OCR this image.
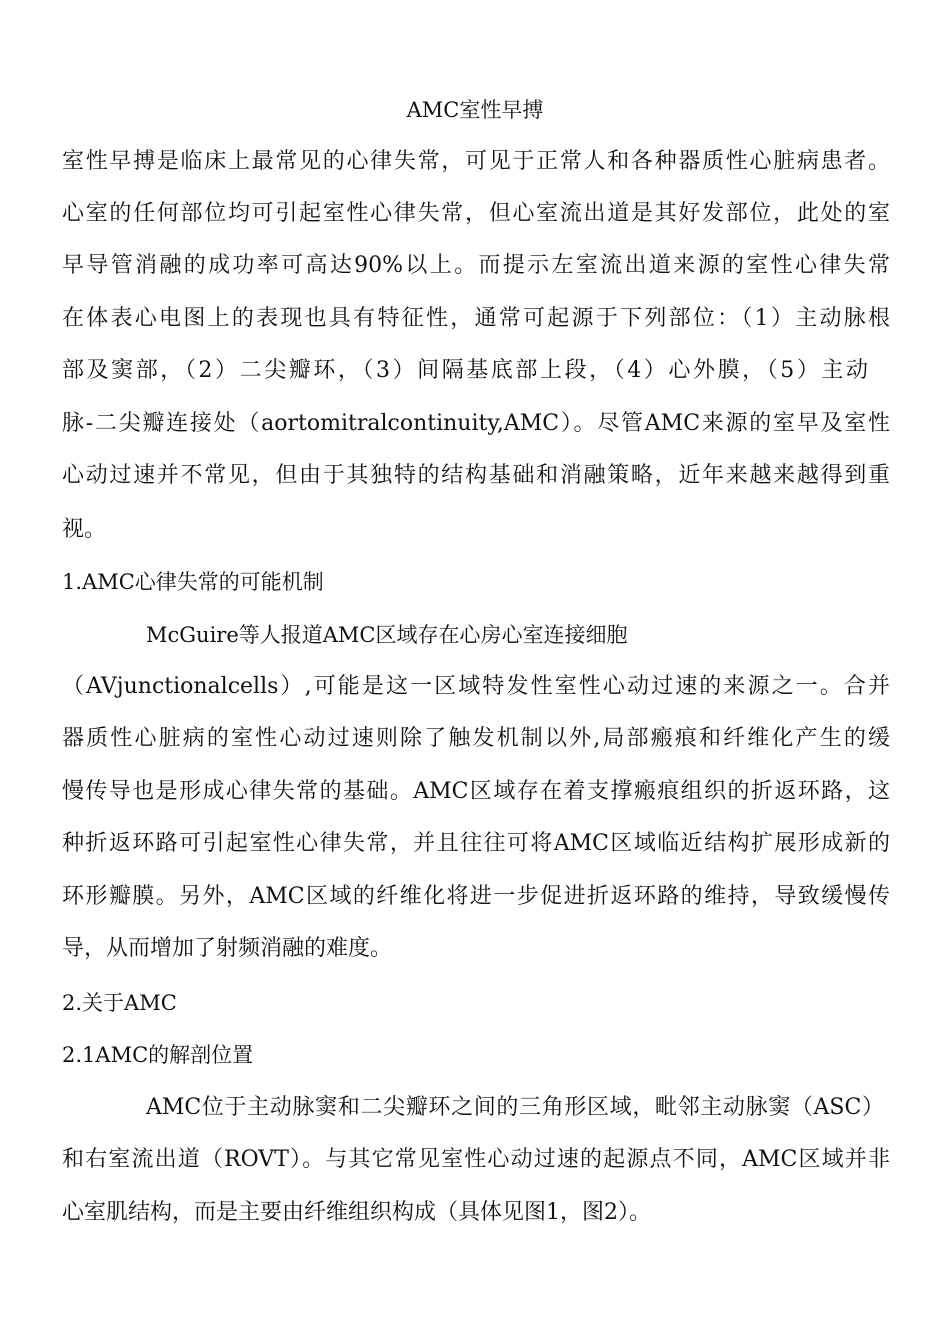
AMC室性早搏
室性早搏是临床上最常见的心律失常，可见于正常人和各种器质性心脏病患者。
心室的任何部位均可引起室性心律失常，但心室流出道是其好发部位，此处的室
早导管消融的成功率可高达90%以上。而提示左室流出道来源的室性心律失常
在体表心电图上的表现也具有特征性，通常可起源于下列部位：（1）主动脉根
部及窦部，（2）二尖瓣环，（3）间隔基底部上段，（4）心外膜，（5）主动
脉-二尖瓣连接处（aortomitralcontinuity,AMC）。尽管AMC来源的室早及室性
心动过速并不常见，但由于其独特的结构基础和消融策略，近年来越来越得到重
视。
1.AMC心律失常的可能机制
McGuire等人报道AMC区域存在心房心室连接细胞
（AVjunctionalcells）,可能是这一区域特发性室性心动过速的来源之一。合并
器质性心脏病的室性心动过速则除了触发机制以外,局部瘢痕和纤维化产生的缓
慢传导也是形成心律失常的基础。AMC区域存在着支撑瘢痕组织的折返环路，这
种折返环路可引起室性心律失常，并且往往可将AMC区域临近结构扩展形成新的
环形瓣膜。另外，AMC区域的纤维化将进一步促进折返环路的维持，导致缓慢传
导，从而增加了射频消融的难度。
2.关于AMC
2.1AMC的解剖位置
AMC位于主动脉窦和二尖瓣环之间的三角形区域，毗邻主动脉窦（ASC）
和右室流出道（ROVT）。与其它常见室性心动过速的起源点不同，AMC区域并非
心室肌结构，而是主要由纤维组织构成（具体见图1，图2）。
